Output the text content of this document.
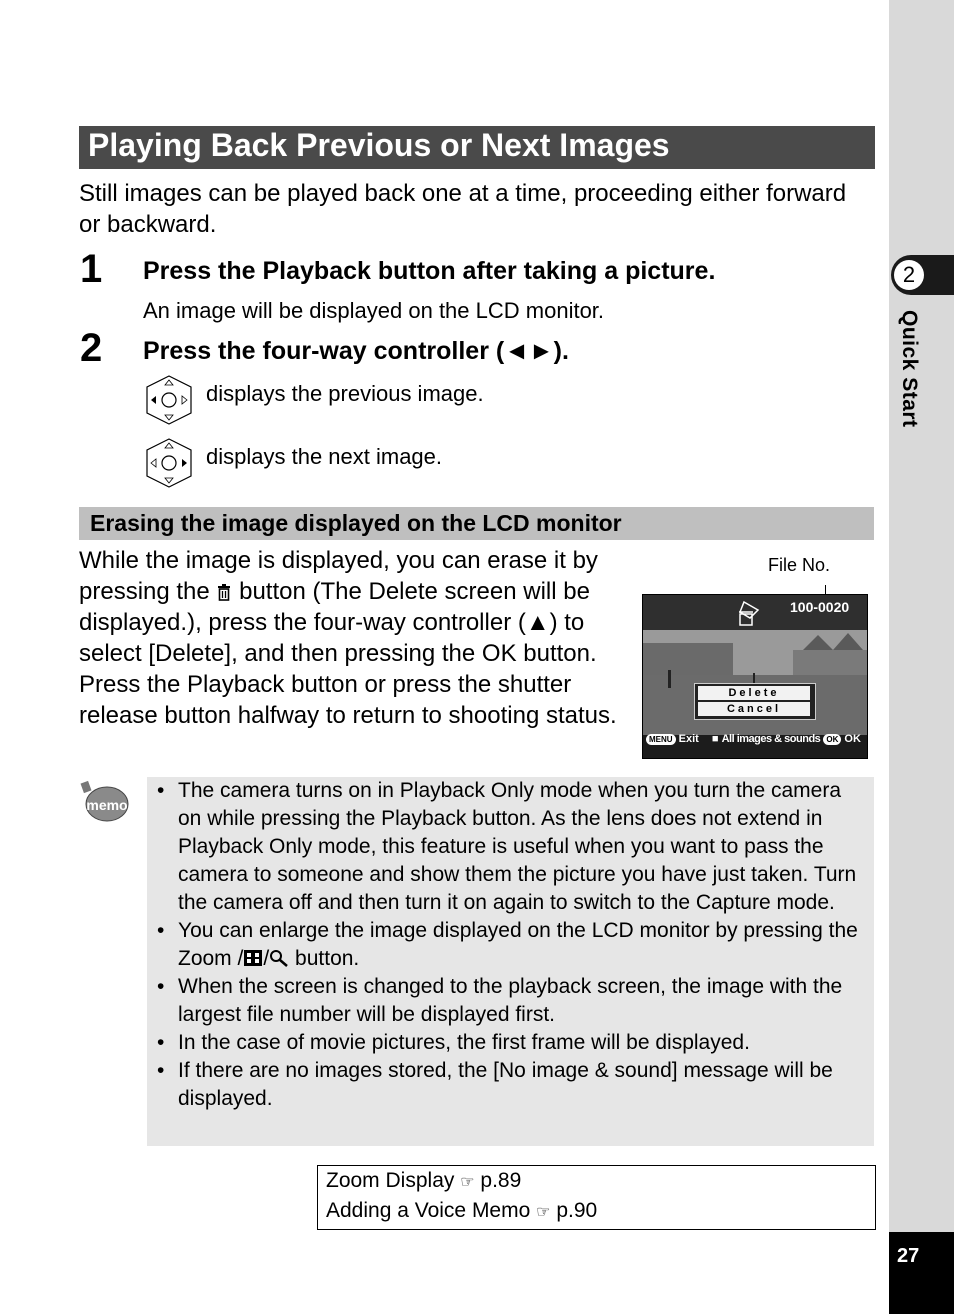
2
Quick Start
27
Playing Back Previous or Next Images
Still images can be played back one at a time, proceeding either forward or backward.
1 Press the Playback button after taking a picture.
An image will be displayed on the LCD monitor.
2 Press the four-way controller (◄►).
displays the previous image.
displays the next image.
Erasing the image displayed on the LCD monitor
While the image is displayed, you can erase it by pressing the button (The Delete screen will be displayed.), press the four-way controller (▲) to select [Delete], and then pressing the OK button. Press the Playback button or press the shutter release button halfway to return to shooting status.
File No.
100-0020
Delete
Cancel
MENU Exit ■ All images & sounds OK OK
memo
• The camera turns on in Playback Only mode when you turn the camera on while pressing the Playback button. As the lens does not extend in Playback Only mode, this feature is useful when you want to pass the camera to someone and show them the picture you have just taken. Turn the camera off and then turn it on again to switch to the Capture mode.
• You can enlarge the image displayed on the LCD monitor by pressing the Zoom / / button.
• When the screen is changed to the playback screen, the image with the largest file number will be displayed first.
• In the case of movie pictures, the first frame will be displayed.
• If there are no images stored, the [No image & sound] message will be displayed.
Zoom Display ☞ p.89
Adding a Voice Memo ☞ p.90
